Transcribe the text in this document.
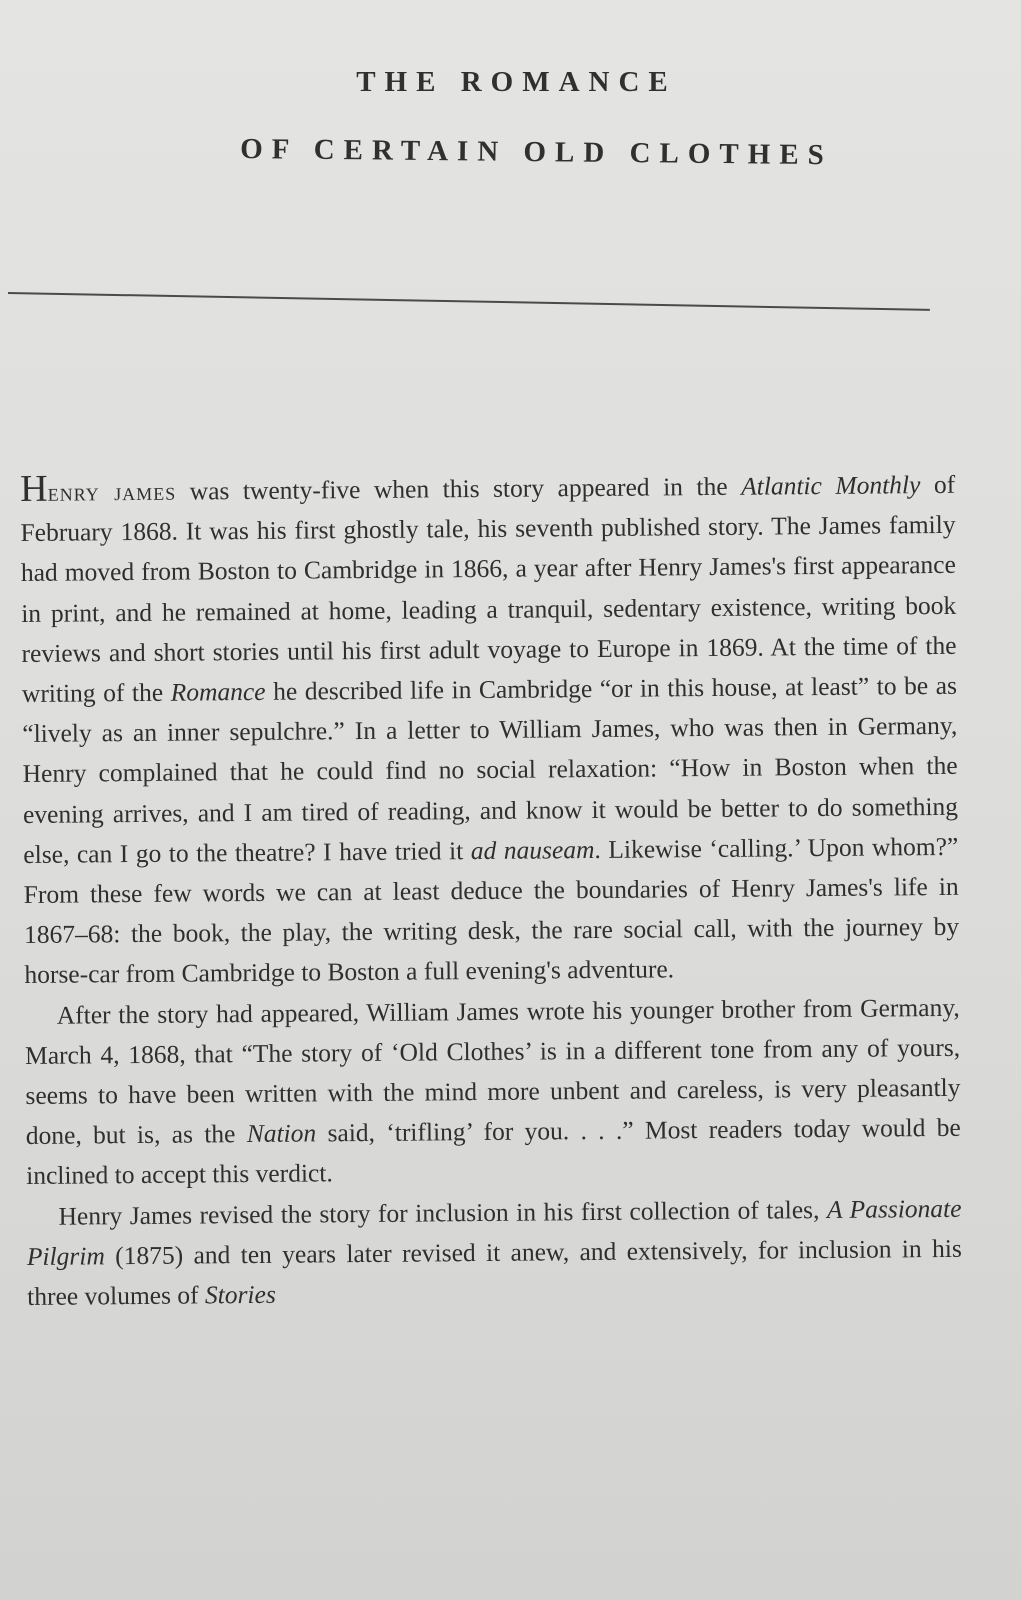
THE ROMANCE
OF CERTAIN OLD CLOTHES

Henry james was twenty-five when this story appeared in the Atlantic Monthly of February 1868. It was his first ghostly tale, his seventh published story. The James family had moved from Boston to Cambridge in 1866, a year after Henry James's first appearance in print, and he remained at home, leading a tranquil, sedentary existence, writing book reviews and short stories until his first adult voyage to Europe in 1869. At the time of the writing of the Romance he described life in Cambridge “or in this house, at least” to be as “lively as an inner sepulchre.” In a letter to William James, who was then in Germany, Henry complained that he could find no social relaxation: “How in Boston when the evening arrives, and I am tired of reading, and know it would be better to do something else, can I go to the theatre? I have tried it ad nauseam. Likewise ‘calling.’ Upon whom?” From these few words we can at least deduce the boundaries of Henry James's life in 1867–68: the book, the play, the writing desk, the rare social call, with the journey by horse-car from Cambridge to Boston a full evening's adventure.

After the story had appeared, William James wrote his younger brother from Germany, March 4, 1868, that “The story of ‘Old Clothes’ is in a different tone from any of yours, seems to have been written with the mind more unbent and careless, is very pleasantly done, but is, as the Nation said, ‘trifling’ for you. . . .” Most readers today would be inclined to accept this verdict.

Henry James revised the story for inclusion in his first collection of tales, A Passionate Pilgrim (1875) and ten years later revised it anew, and extensively, for inclusion in his three volumes of Stories
